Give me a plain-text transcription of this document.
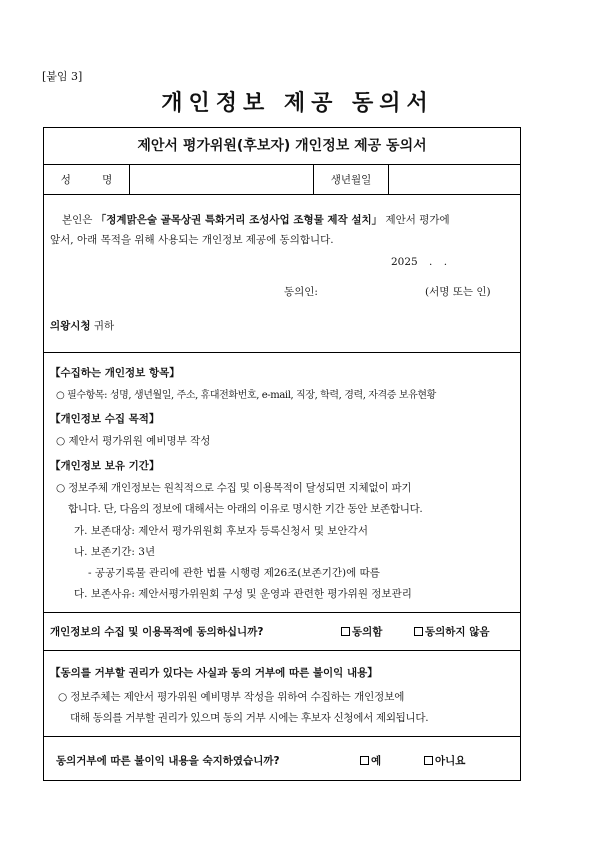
[붙임 3]
개인정보 제공 동의서
제안서 평가위원(후보자) 개인정보 제공 동의서
성 명	생년월일
본인은 「정계맑은술 골목상권 특화거리 조성사업 조형물 제작 설치」 제안서 평가에
앞서, 아래 목적을 위해 사용되는 개인정보 제공에 동의합니다.
2025 . .
동의인:	(서명 또는 인)
의왕시청 귀하
【수집하는 개인정보 항목】
○ 필수항목: 성명, 생년월일, 주소, 휴대전화번호, e-mail, 직장, 학력, 경력, 자격증 보유현황
【개인정보 수집 목적】
○ 제안서 평가위원 예비명부 작성
【개인정보 보유 기간】
○ 정보주체 개인정보는 원칙적으로 수집 및 이용목적이 달성되면 지체없이 파기
합니다. 단, 다음의 정보에 대해서는 아래의 이유로 명시한 기간 동안 보존합니다.
가. 보존대상: 제안서 평가위원회 후보자 등록신청서 및 보안각서
나. 보존기간: 3년
- 공공기록물 관리에 관한 법률 시행령 제26조(보존기간)에 따름
다. 보존사유: 제안서평가위원회 구성 및 운영과 관련한 평가위원 정보관리
개인정보의 수집 및 이용목적에 동의하십니까?	동의함	동의하지 않음
【동의를 거부할 권리가 있다는 사실과 동의 거부에 따른 불이익 내용】
○ 정보주체는 제안서 평가위원 예비명부 작성을 위하여 수집하는 개인정보에
대해 동의를 거부할 권리가 있으며 동의 거부 시에는 후보자 신청에서 제외됩니다.
동의거부에 따른 불이익 내용을 숙지하였습니까?	예	아니요
